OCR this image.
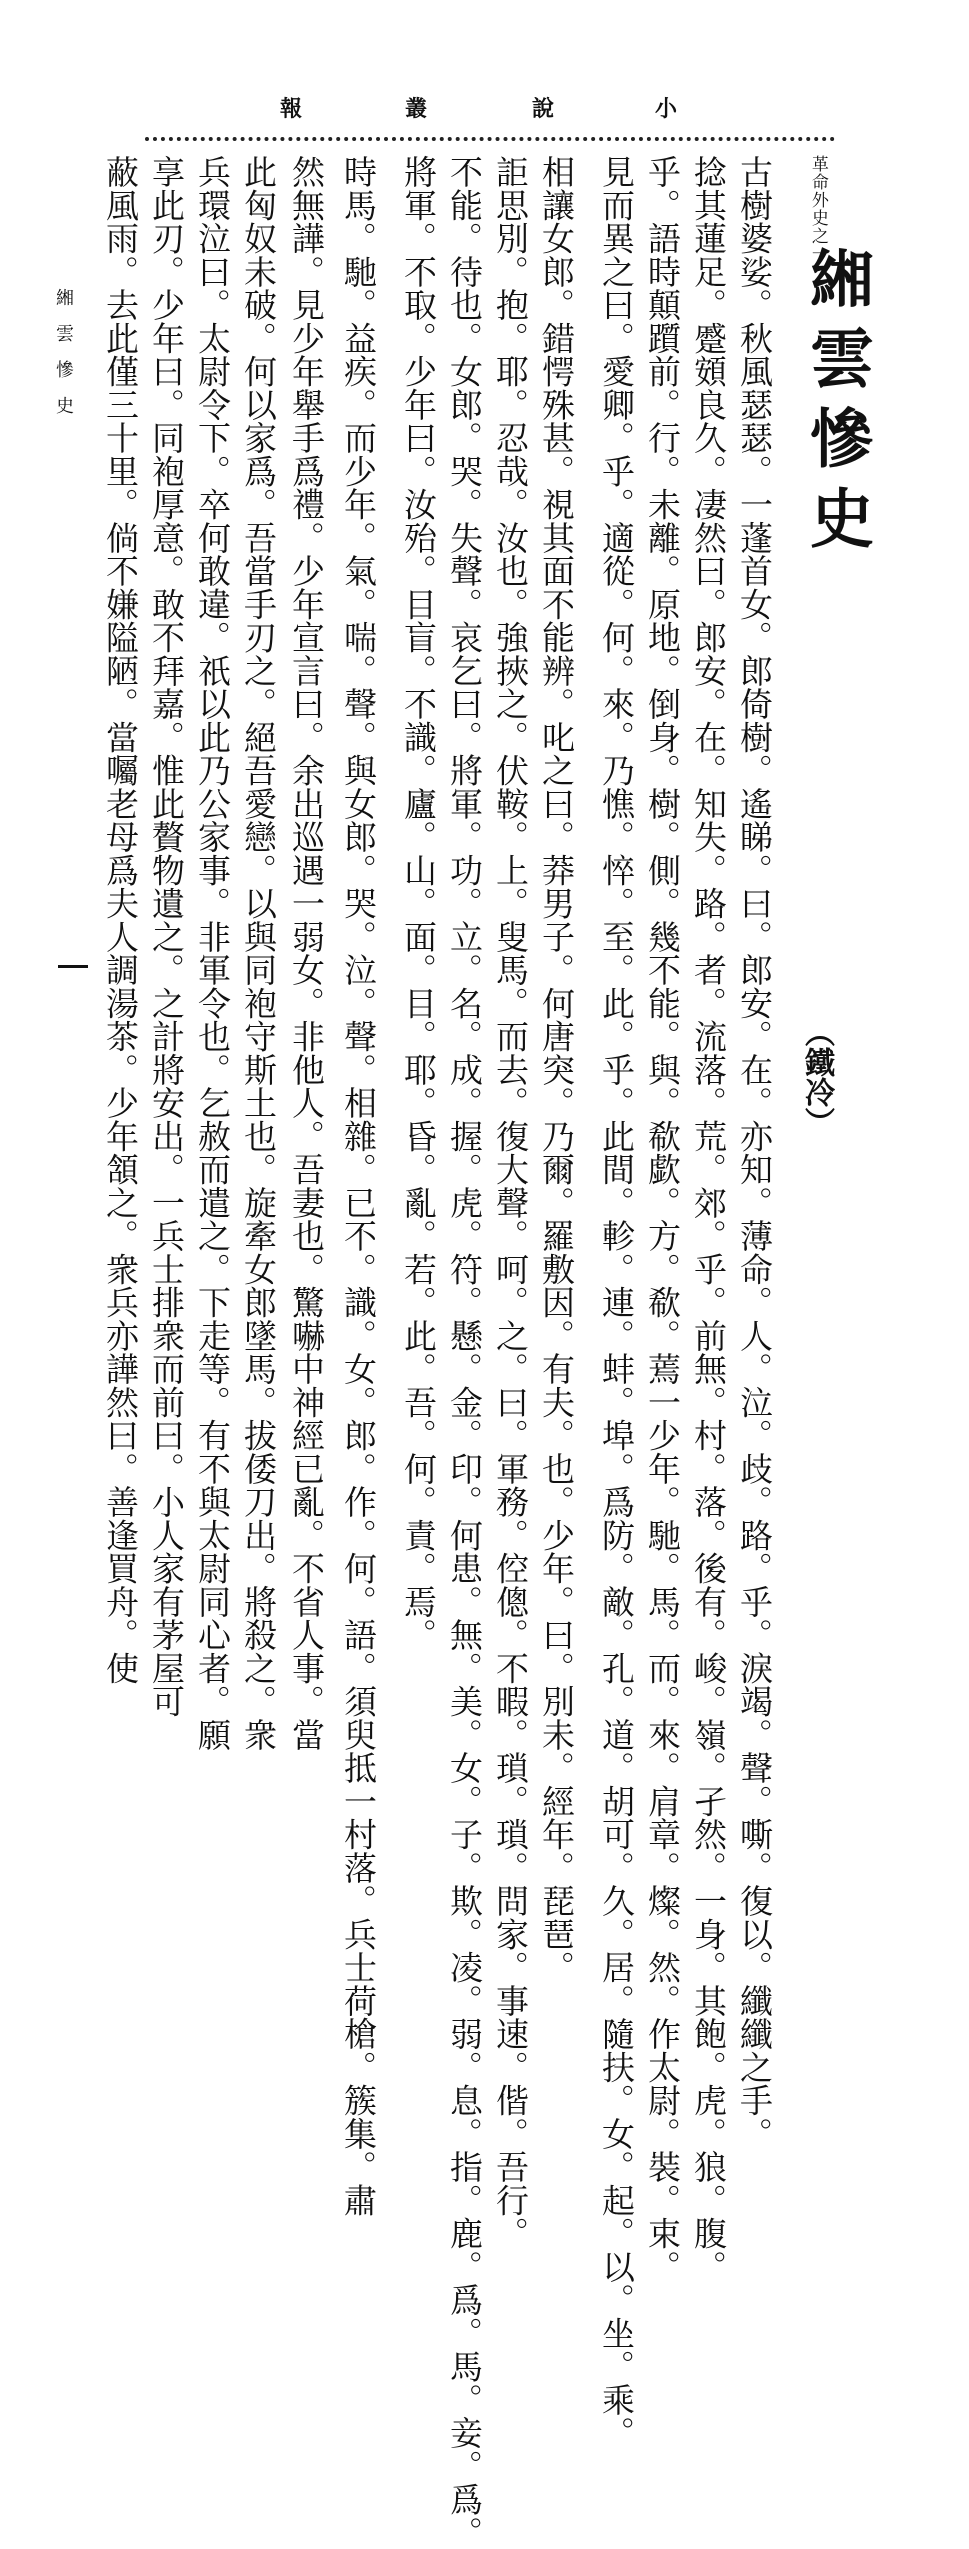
小
說
叢
報
革命外史之一
緗雲慘史
（鐵冷）
古樹婆娑。秋風瑟瑟。一蓬首女。郎倚樹。遙睇。曰。郎安。在。亦知。薄命。人。泣。歧。路。乎。淚竭。聲。嘶。復以。纖纖之手。
捻其蓮足。蹙頞良久。凄然曰。郎安。在。知失。路。者。流落。荒。郊。乎。前無。村。落。後有。峻。嶺。孑然。一身。其飽。虎。狼。腹。
乎。語時顛躓前。行。未離。原地。倒身。樹。側。幾不能。與。欷歔。方。欷。蔫一少年。馳。馬。而。來。肩章。燦。然。作太尉。裝。束。
見而異之曰。愛卿。乎。適從。何。來。乃憔。悴。至。此。乎。此間。軫。連。蚌。埠。爲防。敵。孔。道。胡可。久。居。隨扶。女。起。以。坐。乘。
相讓女郎。錯愕殊甚。視其面不能辨。叱之曰。莽男子。何唐突。乃爾。羅敷因。有夫。也。少年。曰。別未。經年。琵琶。
詎思別。抱。耶。忍哉。汝也。強挾之。伏鞍。上。叟馬。而去。復大聲。呵。之。曰。軍務。倥傯。不暇。瑣。瑣。問家。事速。偕。吾行。
不能。待也。女郎。哭。失聲。哀乞曰。將軍。功。立。名。成。握。虎。符。懸。金。印。何患。無。美。女。子。欺。凌。弱。息。指。鹿。爲。馬。妾。爲。
將軍。不取。少年曰。汝殆。目盲。不識。廬。山。面。目。耶。昏。亂。若。此。吾。何。責。焉。
時馬。馳。益疾。而少年。氣。喘。聲。與女郎。哭。泣。聲。相雜。已不。識。女。郎。作。何。語。須臾抵一村落。兵士荷槍。簇集。肅
然無譁。見少年舉手爲禮。少年宣言曰。余出巡遇一弱女。非他人。吾妻也。驚嚇中神經已亂。不省人事。當
此匈奴未破。何以家爲。吾當手刃之。絕吾愛戀。以與同袍守斯土也。旋牽女郎墜馬。拔倭刀出。將殺之。衆
兵環泣曰。太尉令下。卒何敢違。祇以此乃公家事。非軍令也。乞赦而遣之。下走等。有不與太尉同心者。願
享此刃。少年曰。同袍厚意。敢不拜嘉。惟此贅物遺之。之計將安出。一兵士排衆而前曰。小人家有茅屋可
蔽風雨。去此僅三十里。倘不嫌隘陋。當囑老母爲夫人調湯茶。少年頷之。衆兵亦譁然曰。善逢買舟。使
緗雲慘史
